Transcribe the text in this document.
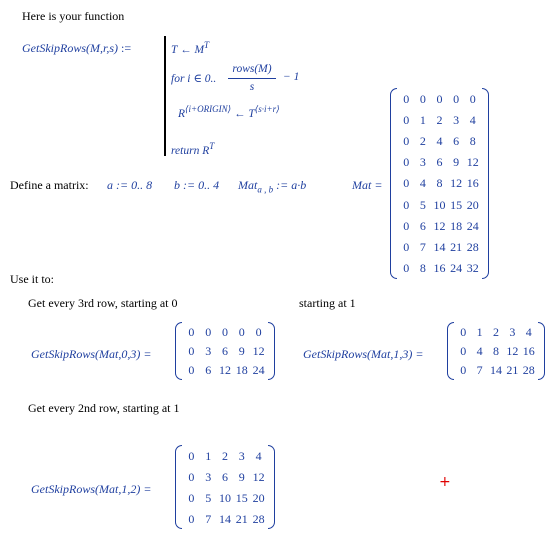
Here is your function
GetSkipRows(M,r,s) :=	T ← $M^T$
for i ∈ 0..
rows(M)
s
− 1
$R^{⟨i+ORIGIN⟩}$ ← $T^{⟨s\cdot i+r⟩}$
return $R^T$
Define a matrix: a := 0.. 8 b := 0.. 4 Mat$_{a , b}$ := a·b	Mat =
0 0 0 0 0
0 1 2 3 4
0 2 4 6 8
0 3 6 9 12
0 4 8 12 16
0 5 10 15 20
0 6 12 18 24
0 7 14 21 28
0 8 16 24 32
Use it to:
Get every 3rd row, starting at 0
GetSkipRows(Mat,0,3) =
0 0 0 0 0
0 3 6 9 12
0 6 12 18 24
starting at 1
GetSkipRows(Mat,1,3) =
0 1 2 3 4
0 4 8 12 16
0 7 14 21 28
Get every 2nd row, starting at 1
GetSkipRows(Mat,1,2) =
0 1 2 3 4
0 3 6 9 12
0 5 10 15 20
0 7 14 21 28
+
